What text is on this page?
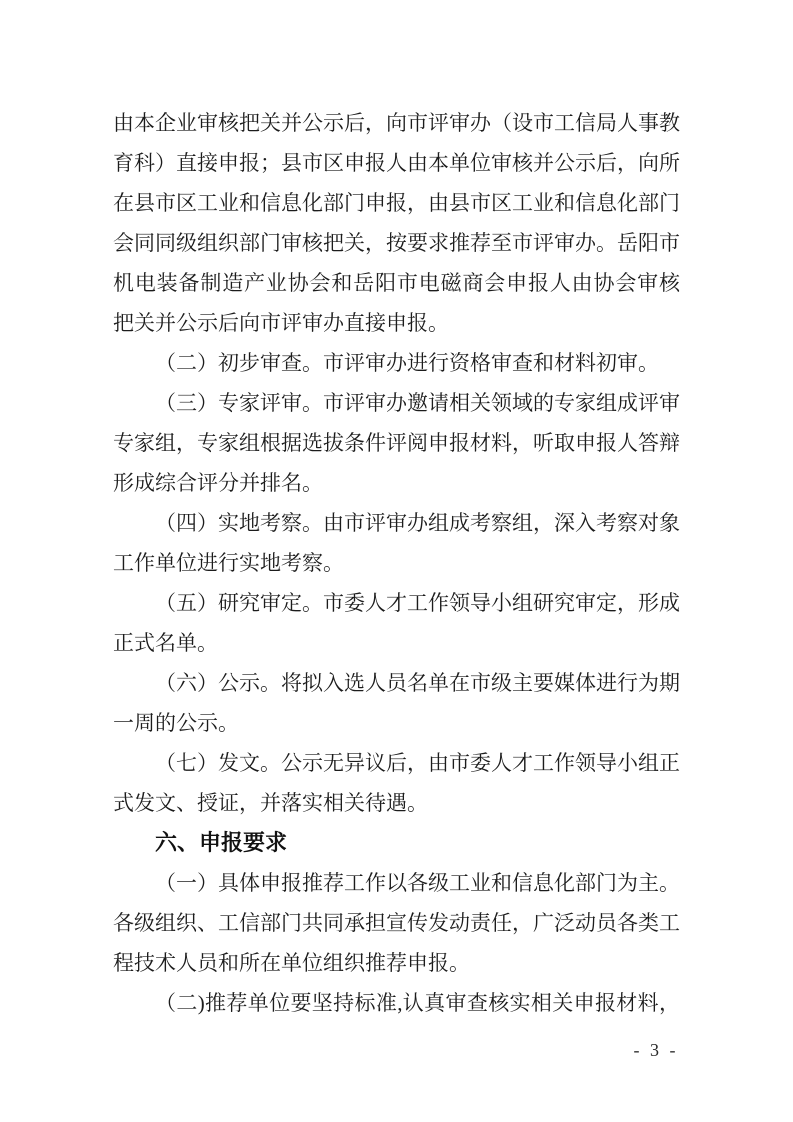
由本企业审核把关并公示后，向市评审办（设市工信局人事教
育科）直接申报；县市区申报人由本单位审核并公示后，向所
在县市区工业和信息化部门申报，由县市区工业和信息化部门
会同同级组织部门审核把关，按要求推荐至市评审办。岳阳市
机电装备制造产业协会和岳阳市电磁商会申报人由协会审核
把关并公示后向市评审办直接申报。
（二）初步审查。市评审办进行资格审查和材料初审。
（三）专家评审。市评审办邀请相关领域的专家组成评审
专家组，专家组根据选拔条件评阅申报材料，听取申报人答辩
形成综合评分并排名。
（四）实地考察。由市评审办组成考察组，深入考察对象
工作单位进行实地考察。
（五）研究审定。市委人才工作领导小组研究审定，形成
正式名单。
（六）公示。将拟入选人员名单在市级主要媒体进行为期
一周的公示。
（七）发文。公示无异议后，由市委人才工作领导小组正
式发文、授证，并落实相关待遇。
六、申报要求
（一）具体申报推荐工作以各级工业和信息化部门为主。
各级组织、工信部门共同承担宣传发动责任，广泛动员各类工
程技术人员和所在单位组织推荐申报。
（二)推荐单位要坚持标准,认真审查核实相关申报材料，
- 3 -
